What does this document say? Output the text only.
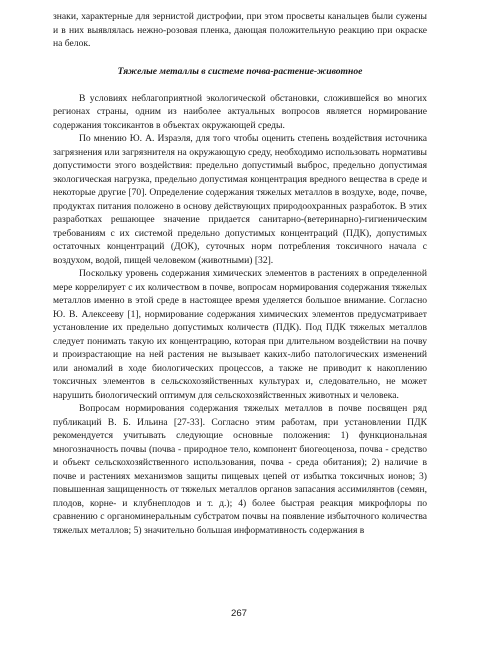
знаки, характерные для зернистой дистрофии, при этом просветы канальцев были сужены и в них выявлялась нежно-розовая пленка, дающая положительную реакцию при окраске на белок.

Тяжелые металлы в системе почва-растение-животное

В условиях неблагоприятной экологической обстановки, сложившейся во многих регионах страны, одним из наиболее актуальных вопросов является нормирование содержания токсикантов в объектах окружающей среды.

По мнению Ю. А. Израэля, для того чтобы оценить степень воздействия источника загрязнения или загрязнителя на окружающую среду, необходимо использовать нормативы допустимости этого воздействия: предельно допустимый выброс, предельно допустимая экологическая нагрузка, предельно допустимая концентрация вредного вещества в среде и некоторые другие [70]. Определение содержания тяжелых металлов в воздухе, воде, почве, продуктах питания положено в основу действующих природоохранных разработок. В этих разработках решающее значение придается санитарно-(ветеринарно)-гигиеническим требованиям с их системой предельно допустимых концентраций (ПДК), допустимых остаточных концентраций (ДОК), суточных норм потребления токсичного начала с воздухом, водой, пищей человеком (животными) [32].

Поскольку уровень содержания химических элементов в растениях в определенной мере коррелирует с их количеством в почве, вопросам нормирования содержания тяжелых металлов именно в этой среде в настоящее время уделяется большое внимание. Согласно Ю. В. Алексееву [1], нормирование содержания химических элементов предусматривает установление их предельно допустимых количеств (ПДК). Под ПДК тяжелых металлов следует понимать такую их концентрацию, которая при длительном воздействии на почву и произрастающие на ней растения не вызывает каких-либо патологических изменений или аномалий в ходе биологических процессов, а также не приводит к накоплению токсичных элементов в сельскохозяйственных культурах и, следовательно, не может нарушить биологический оптимум для сельскохозяйственных животных и человека.

Вопросам нормирования содержания тяжелых металлов в почве посвящен ряд публикаций В. Б. Ильина [27-33]. Согласно этим работам, при установлении ПДК рекомендуется учитывать следующие основные положения: 1) функциональная многозначность почвы (почва - природное тело, компонент биогеоценоза, почва - средство и объект сельскохозяйственного использования, почва - среда обитания); 2) наличие в почве и растениях механизмов защиты пищевых цепей от избытка токсичных ионов; 3) повышенная защищенность от тяжелых металлов органов запасания ассимилянтов (семян, плодов, корне- и клубнеплодов и т. д.); 4) более быстрая реакция микрофлоры по сравнению с органоминеральным субстратом почвы на появление избыточного количества тяжелых металлов; 5) значительно большая информативность содержания в

267
